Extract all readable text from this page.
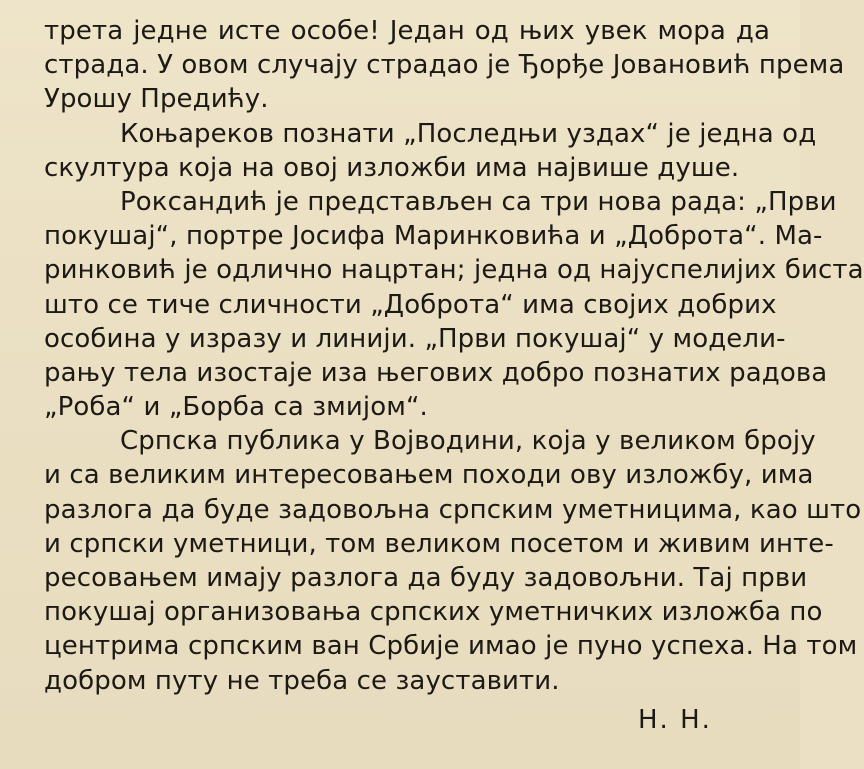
трета једне исте особе! Један од њих увек мора да
страда. У овом случају страдао је Ђорђе Јовановић према
Урошу Предићу.
Коњареков познати „Последњи уздах“ је једна од
скултура која на овој изложби има највише душе.
Роксандић је представљен са три нова рада: „Први
покушај“, портре Јосифа Маринковића и „Доброта“. Ма-
ринковић је одлично нацртан; једна од најуспелијих биста
што се тиче сличности „Доброта“ има својих добрих
особина у изразу и линији. „Први покушај“ у модели-
рању тела изостаје иза његових добро познатих радова
„Роба“ и „Борба са змијом“.
Српска публика у Војводини, која у великом броју
и са великим интересовањем походи ову изложбу, има
разлога да буде задовољна српским уметницима, као што
и српски уметници, том великом посетом и живим инте-
ресовањем имају разлога да буду задовољни. Тај први
покушај организовања српских уметничких изложба по
центрима српским ван Србије имао је пуно успеха. На том
добром путу не треба се зауставити.
Н. Н.
